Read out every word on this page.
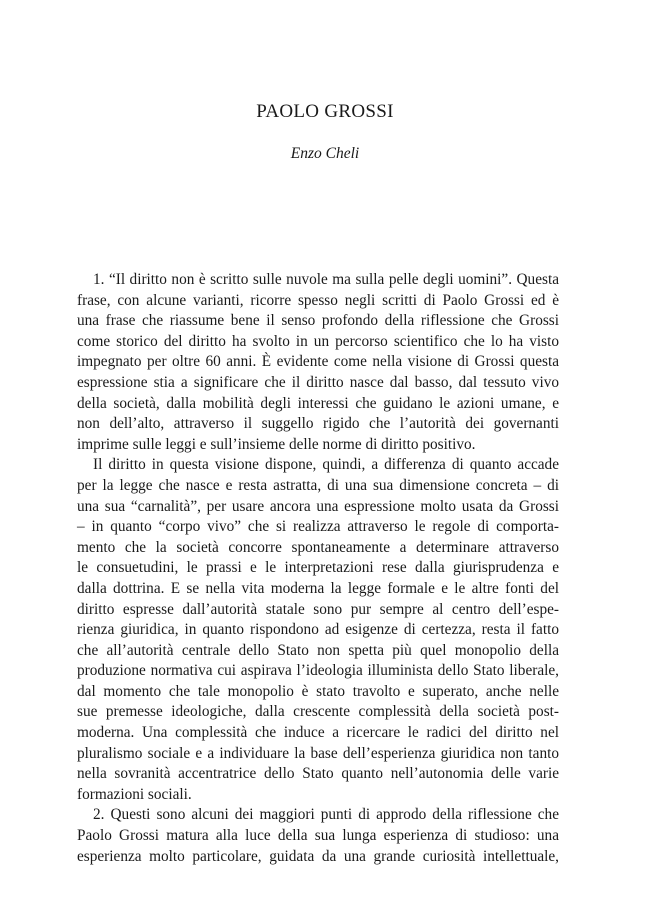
PAOLO GROSSI

Enzo Cheli

1. “Il diritto non è scritto sulle nuvole ma sulla pelle degli uomini”. Questa
frase, con alcune varianti, ricorre spesso negli scritti di Paolo Grossi ed è
una frase che riassume bene il senso profondo della riflessione che Grossi
come storico del diritto ha svolto in un percorso scientifico che lo ha visto
impegnato per oltre 60 anni. È evidente come nella visione di Grossi questa
espressione stia a significare che il diritto nasce dal basso, dal tessuto vivo
della società, dalla mobilità degli interessi che guidano le azioni umane, e
non dell’alto, attraverso il suggello rigido che l’autorità dei governanti
imprime sulle leggi e sull’insieme delle norme di diritto positivo.
Il diritto in questa visione dispone, quindi, a differenza di quanto accade
per la legge che nasce e resta astratta, di una sua dimensione concreta – di
una sua “carnalità”, per usare ancora una espressione molto usata da Grossi
– in quanto “corpo vivo” che si realizza attraverso le regole di comporta-
mento che la società concorre spontaneamente a determinare attraverso
le consuetudini, le prassi e le interpretazioni rese dalla giurisprudenza e
dalla dottrina. E se nella vita moderna la legge formale e le altre fonti del
diritto espresse dall’autorità statale sono pur sempre al centro dell’espe-
rienza giuridica, in quanto rispondono ad esigenze di certezza, resta il fatto
che all’autorità centrale dello Stato non spetta più quel monopolio della
produzione normativa cui aspirava l’ideologia illuminista dello Stato liberale,
dal momento che tale monopolio è stato travolto e superato, anche nelle
sue premesse ideologiche, dalla crescente complessità della società post-
moderna. Una complessità che induce a ricercare le radici del diritto nel
pluralismo sociale e a individuare la base dell’esperienza giuridica non tanto
nella sovranità accentratrice dello Stato quanto nell’autonomia delle varie
formazioni sociali.
2. Questi sono alcuni dei maggiori punti di approdo della riflessione che
Paolo Grossi matura alla luce della sua lunga esperienza di studioso: una
esperienza molto particolare, guidata da una grande curiosità intellettuale,
